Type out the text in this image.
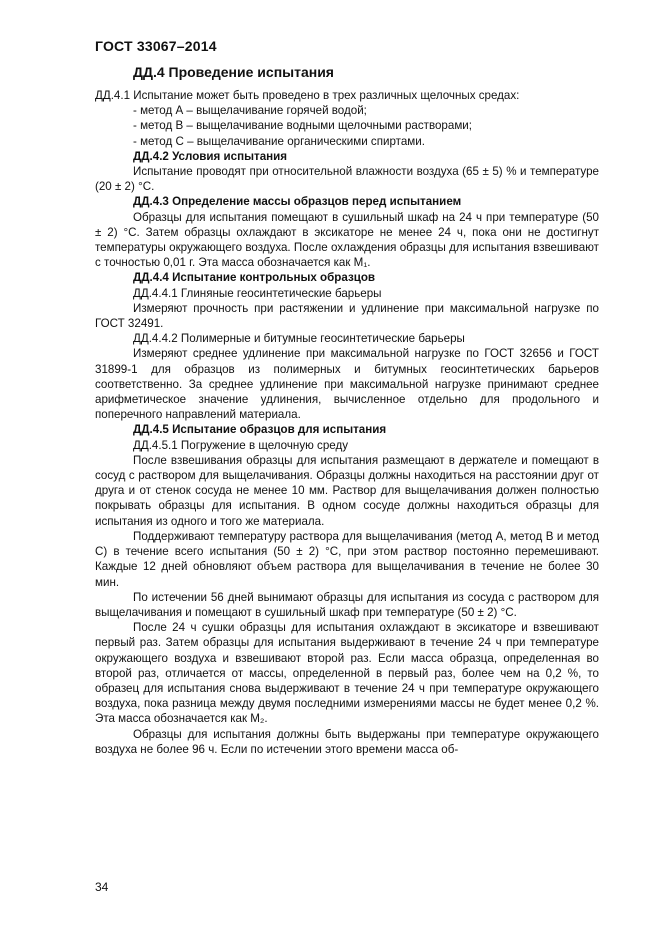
ГОСТ 33067–2014
ДД.4 Проведение испытания

ДД.4.1 Испытание может быть проведено в трех различных щелочных средах:

- метод А – выщелачивание горячей водой;

- метод В – выщелачивание водными щелочными растворами;

- метод С – выщелачивание органическими спиртами.

ДД.4.2 Условия испытания

Испытание проводят при относительной влажности воздуха (65 ± 5) % и температуре (20 ± 2) °С.

ДД.4.3 Определение массы образцов перед испытанием

Образцы для испытания помещают в сушильный шкаф на 24 ч при температуре (50 ± 2) °С. Затем образцы охлаждают в эксикаторе не менее 24 ч, пока они не достигнут температуры окружающего воздуха. После охлаждения образцы для испытания взвешивают с точностью 0,01 г. Эта масса обозначается как M₁.

ДД.4.4 Испытание контрольных образцов

ДД.4.4.1 Глиняные геосинтетические барьеры

Измеряют прочность при растяжении и удлинение при максимальной нагрузке по ГОСТ 32491.

ДД.4.4.2 Полимерные и битумные геосинтетические барьеры

Измеряют среднее удлинение при максимальной нагрузке по ГОСТ 32656 и ГОСТ 31899-1 для образцов из полимерных и битумных геосинтетических барьеров соответственно. За среднее удлинение при максимальной нагрузке принимают среднее арифметическое значение удлинения, вычисленное отдельно для продольного и поперечного направлений материала.

ДД.4.5 Испытание образцов для испытания

ДД.4.5.1 Погружение в щелочную среду

После взвешивания образцы для испытания размещают в держателе и помещают в сосуд с раствором для выщелачивания. Образцы должны находиться на расстоянии друг от друга и от стенок сосуда не менее 10 мм. Раствор для выщелачивания должен полностью покрывать образцы для испытания. В одном сосуде должны находиться образцы для испытания из одного и того же материала.

Поддерживают температуру раствора для выщелачивания (метод А, метод В и метод С) в течение всего испытания (50 ± 2) °С, при этом раствор постоянно перемешивают. Каждые 12 дней обновляют объем раствора для выщелачивания в течение не более 30 мин.

По истечении 56 дней вынимают образцы для испытания из сосуда с раствором для выщелачивания и помещают в сушильный шкаф при температуре (50 ± 2) °С.

После 24 ч сушки образцы для испытания охлаждают в эксикаторе и взвешивают первый раз. Затем образцы для испытания выдерживают в течение 24 ч при температуре окружающего воздуха и взвешивают второй раз. Если масса образца, определенная во второй раз, отличается от массы, определенной в первый раз, более чем на 0,2 %, то образец для испытания снова выдерживают в течение 24 ч при температуре окружающего воздуха, пока разница между двумя последними измерениями массы не будет менее 0,2 %. Эта масса обозначается как M₂.

Образцы для испытания должны быть выдержаны при температуре окружающего воздуха не более 96 ч. Если по истечении этого времени масса об-

34
